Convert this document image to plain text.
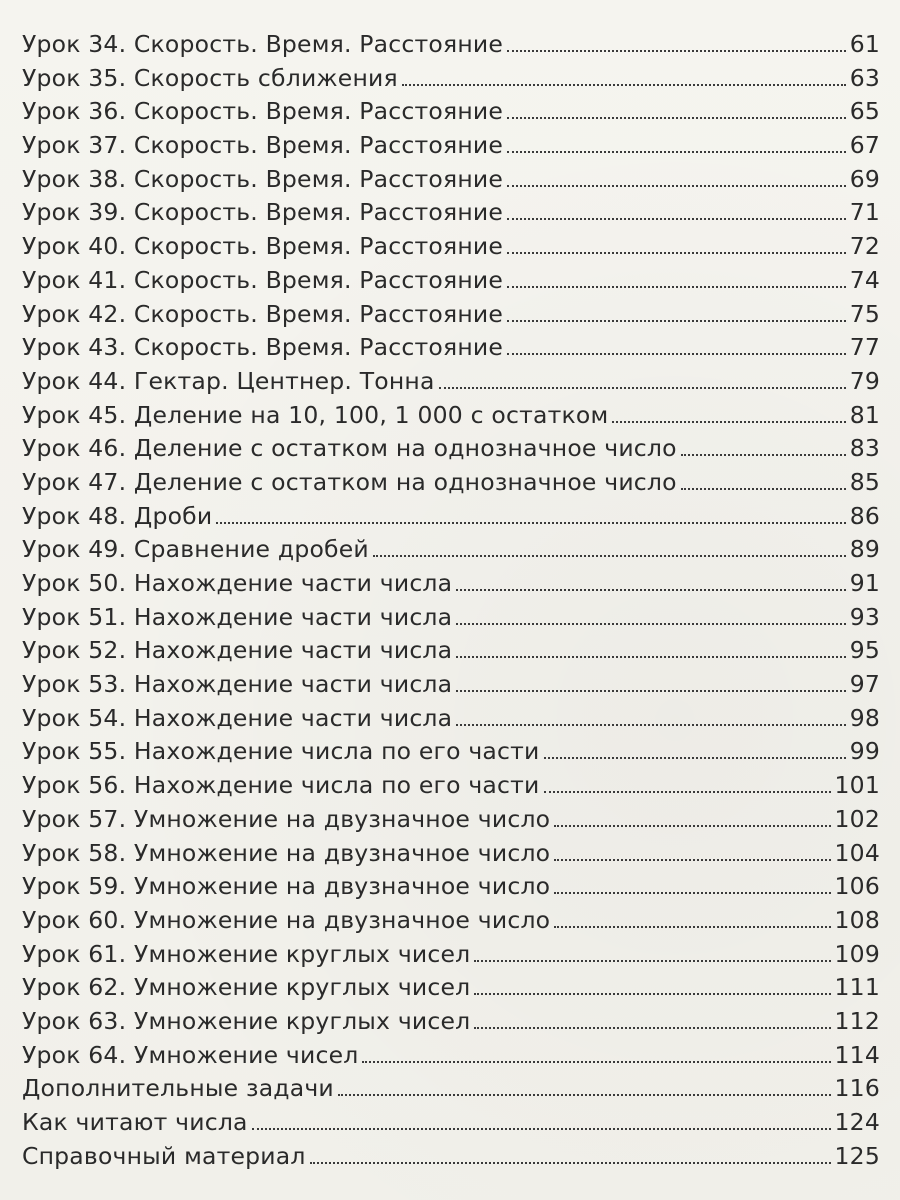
Урок 34. Скорость. Время. Расстояние	61
Урок 35. Скорость сближения	63
Урок 36. Скорость. Время. Расстояние	65
Урок 37. Скорость. Время. Расстояние	67
Урок 38. Скорость. Время. Расстояние	69
Урок 39. Скорость. Время. Расстояние	71
Урок 40. Скорость. Время. Расстояние	72
Урок 41. Скорость. Время. Расстояние	74
Урок 42. Скорость. Время. Расстояние	75
Урок 43. Скорость. Время. Расстояние	77
Урок 44. Гектар. Центнер. Тонна	79
Урок 45. Деление на 10, 100, 1 000 с остатком	81
Урок 46. Деление с остатком на однозначное число	83
Урок 47. Деление с остатком на однозначное число	85
Урок 48. Дроби	86
Урок 49. Сравнение дробей	89
Урок 50. Нахождение части числа	91
Урок 51. Нахождение части числа	93
Урок 52. Нахождение части числа	95
Урок 53. Нахождение части числа	97
Урок 54. Нахождение части числа	98
Урок 55. Нахождение числа по его части	99
Урок 56. Нахождение числа по его части	101
Урок 57. Умножение на двузначное число	102
Урок 58. Умножение на двузначное число	104
Урок 59. Умножение на двузначное число	106
Урок 60. Умножение на двузначное число	108
Урок 61. Умножение круглых чисел	109
Урок 62. Умножение круглых чисел	111
Урок 63. Умножение круглых чисел	112
Урок 64. Умножение чисел	114
Дополнительные задачи	116
Как читают числа	124
Справочный материал	125
